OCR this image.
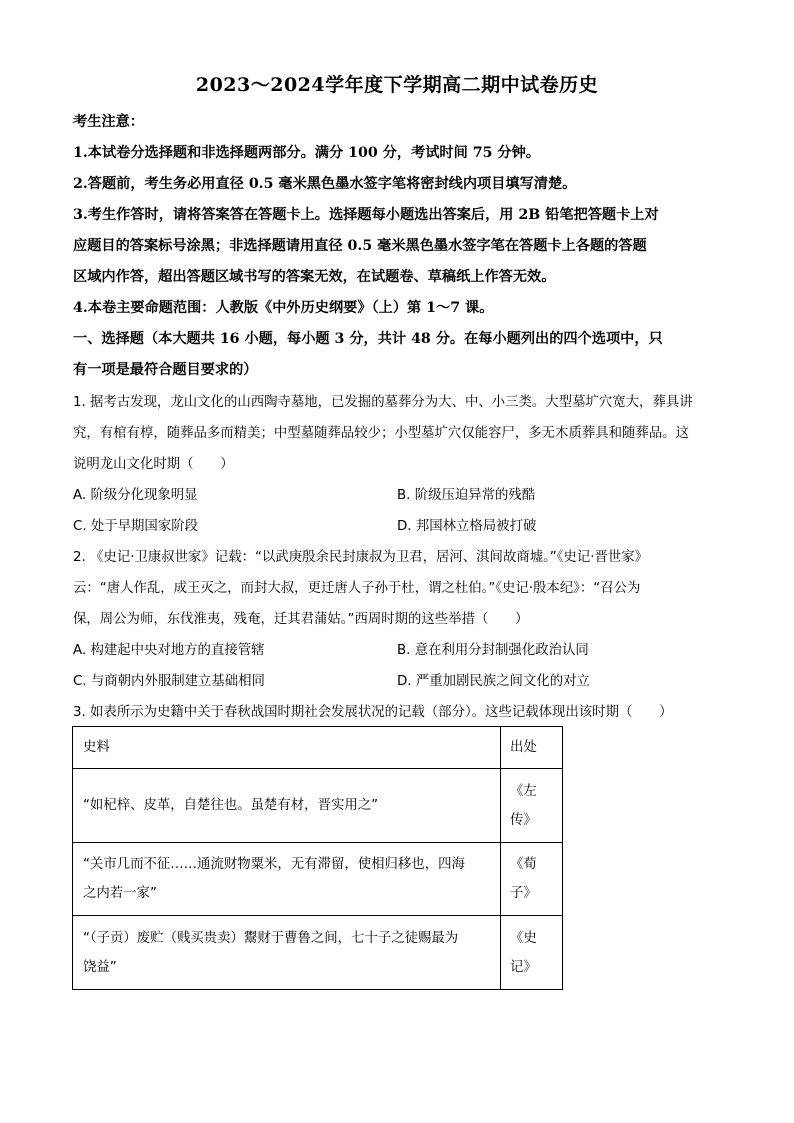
2023～2024学年度下学期高二期中试卷历史
考生注意：
1.本试卷分选择题和非选择题两部分。满分 100 分，考试时间 75 分钟。
2.答题前，考生务必用直径 0.5 毫米黑色墨水签字笔将密封线内项目填写清楚。
3.考生作答时，请将答案答在答题卡上。选择题每小题选出答案后，用 2B 铅笔把答题卡上对
应题目的答案标号涂黑；非选择题请用直径 0.5 毫米黑色墨水签字笔在答题卡上各题的答题
区域内作答，超出答题区域书写的答案无效，在试题卷、草稿纸上作答无效。
4.本卷主要命题范围：人教版《中外历史纲要》（上）第 1～7 课。
一、选择题（本大题共 16 小题，每小题 3 分，共计 48 分。在每小题列出的四个选项中，只
有一项是最符合题目要求的）
1. 据考古发现，龙山文化的山西陶寺墓地，已发掘的墓葬分为大、中、小三类。大型墓圹穴宽大，葬具讲
究，有棺有椁，随葬品多而精美；中型墓随葬品较少；小型墓圹穴仅能容尸，多无木质葬具和随葬品。这
说明龙山文化时期（　　）
A. 阶级分化现象明显	B. 阶级压迫异常的残酷
C. 处于早期国家阶段	D. 邦国林立格局被打破
2. 《史记·卫康叔世家》记载：“以武庚殷余民封康叔为卫君，居河、淇间故商墟。”《史记·晋世家》
云：“唐人作乱，成王灭之，而封大叔，更迁唐人子孙于杜，谓之杜伯。”《史记·殷本纪》：“召公为
保，周公为师，东伐淮夷，残奄，迁其君蒲姑。”西周时期的这些举措（　　）
A. 构建起中央对地方的直接管辖	B. 意在利用分封制强化政治认同
C. 与商朝内外服制建立基础相同	D. 严重加剧民族之间文化的对立
3. 如表所示为史籍中关于春秋战国时期社会发展状况的记载（部分）。这些记载体现出该时期（　　）
史料	出处
“如杞梓、皮革，自楚往也。虽楚有材，晋实用之”	《左
传》
“关市几而不征……通流财物粟米，无有滞留，使相归移也，四海
之内若一家”	《荀
子》
“（子贡）废贮（贱买贵卖）鬻财于曹鲁之间，七十子之徒赐最为
饶益”	《史
记》
